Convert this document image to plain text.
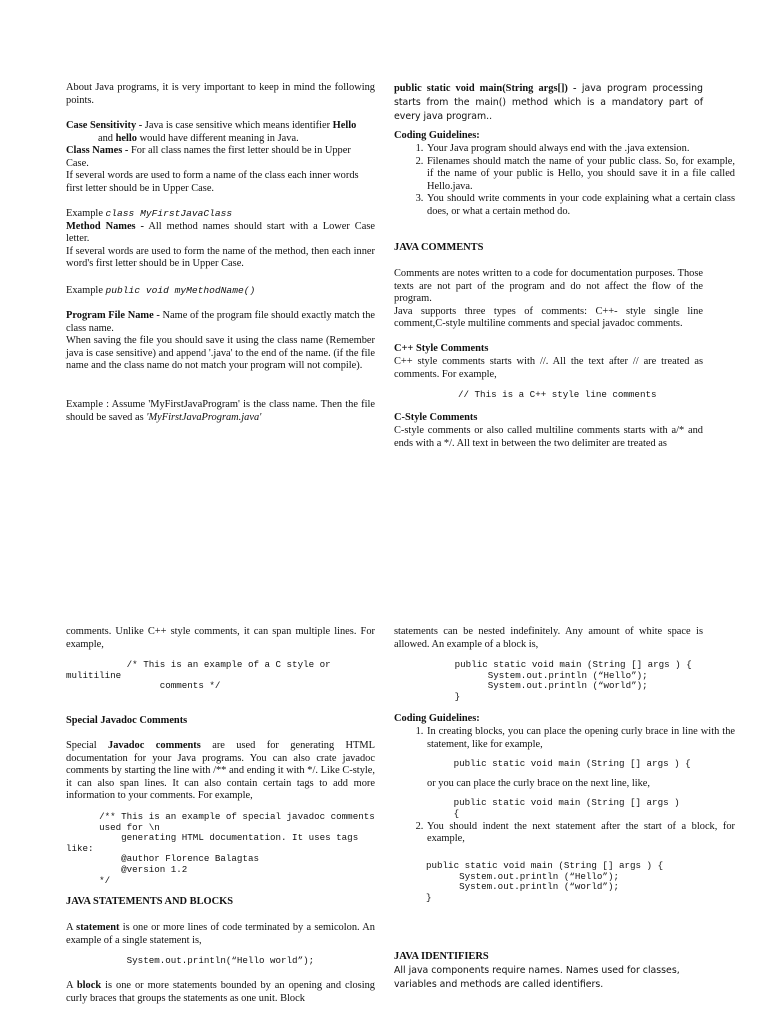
About Java programs, it is very important to keep in mind the following points.

Case Sensitivity - Java is case sensitive which means identifier Hello
and hello would have different meaning in Java.

Class Names - For all class names the first letter should be in Upper Case.

If several words are used to form a name of the class each inner words first letter should be in Upper Case.

Example class MyFirstJavaClass

Method Names - All method names should start with a Lower Case letter.

If several words are used to form the name of the method, then each inner word's first letter should be in Upper Case.

Example public void myMethodName()

Program File Name - Name of the program file should exactly match the class name.

When saving the file you should save it using the class name (Remember java is case sensitive) and append '.java' to the end of the name. (if the file name and the class name do not match your program will not compile).

Example : Assume 'MyFirstJavaProgram' is the class name. Then the file should be saved as 'MyFirstJavaProgram.java'

public static void main(String args[]) - java program processing starts from the main() method which is a mandatory part of every java program..

Coding Guidelines:

1. Your Java program should always end with the .java extension.
2. Filenames should match the name of your public class. So, for example, if the name of your public is Hello, you should save it in a file called Hello.java.
3. You should write comments in your code explaining what a certain class does, or what a certain method do.

JAVA COMMENTS

Comments are notes written to a code for documentation purposes. Those texts are not part of the program and do not affect the flow of the program.

Java supports three types of comments: C++- style single line comment,C-style multiline comments and special javadoc comments.

C++ Style Comments

C++ style comments starts with //. All the text after // are treated as comments. For example,

// This is a C++ style line comments

C-Style Comments

C-style comments or also called multiline comments starts with a/* and ends with a */. All text in between the two delimiter are treated as

comments. Unlike C++ style comments, it can span multiple lines. For example,

/* This is an example of a C style or
mulitiline
comments */

Special Javadoc Comments

Special Javadoc comments are used for generating HTML documentation for your Java programs. You can also crate javadoc comments by starting the line with /** and ending it with */. Like C-style, it can also span lines. It can also contain certain tags to add more information to your comments. For example,

/** This is an example of special javadoc comments
used for \n
generating HTML documentation. It uses tags
like:
@author Florence Balagtas
@version 1.2
*/

JAVA STATEMENTS AND BLOCKS

A statement is one or more lines of code terminated by a semicolon. An example of a single statement is,

System.out.println(“Hello world”);

A block is one or more statements bounded by an opening and closing curly braces that groups the statements as one unit. Block

statements can be nested indefinitely. Any amount of white space is allowed. An example of a block is,

public static void main (String [] args ) {
System.out.println (“Hello”);
System.out.println (“world”);
}

Coding Guidelines:

1. In creating blocks, you can place the opening curly brace in line with the statement, like for example,
public static void main (String [] args ) {
or you can place the curly brace on the next line, like,
public static void main (String [] args )
{
2. You should indent the next statement after the start of a block, for example,
public static void main (String [] args ) {
System.out.println (“Hello”);
System.out.println (“world”);
}

JAVA IDENTIFIERS

All java components require names. Names used for classes, variables and methods are called identifiers.
